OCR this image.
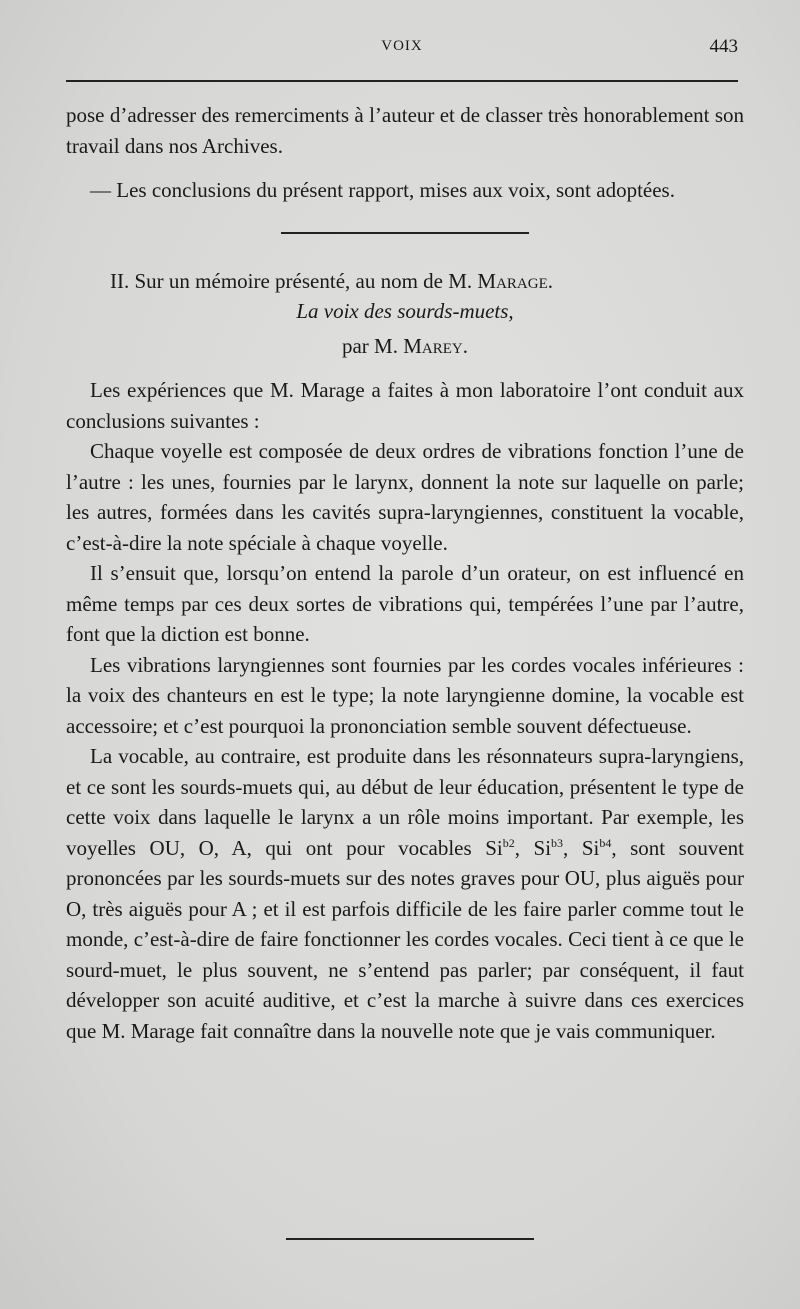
VOIX	443

pose d’adresser des remerciments à l’auteur et de classer très honorablement son travail dans nos Archives.

— Les conclusions du présent rapport, mises aux voix, sont adoptées.

II. Sur un mémoire présenté, au nom de M. Marage.

La voix des sourds-muets,

par M. Marey.

Les expériences que M. Marage a faites à mon laboratoire l’ont conduit aux conclusions suivantes :

Chaque voyelle est composée de deux ordres de vibrations fonction l’une de l’autre : les unes, fournies par le larynx, donnent la note sur laquelle on parle; les autres, formées dans les cavités supra-laryngiennes, constituent la vocable, c’est-à-dire la note spéciale à chaque voyelle.

Il s’ensuit que, lorsqu’on entend la parole d’un orateur, on est influencé en même temps par ces deux sortes de vibrations qui, tempérées l’une par l’autre, font que la diction est bonne.

Les vibrations laryngiennes sont fournies par les cordes vocales inférieures : la voix des chanteurs en est le type; la note laryngienne domine, la vocable est accessoire; et c’est pourquoi la prononciation semble souvent défectueuse.

La vocable, au contraire, est produite dans les résonnateurs supra-laryngiens, et ce sont les sourds-muets qui, au début de leur éducation, présentent le type de cette voix dans laquelle le larynx a un rôle moins important. Par exemple, les voyelles OU, O, A, qui ont pour vocables $Si^{b2}$, $Si^{b3}$, $Si^{b4}$, sont souvent prononcées par les sourds-muets sur des notes graves pour OU, plus aiguës pour O, très aiguës pour A ; et il est parfois difficile de les faire parler comme tout le monde, c’est-à-dire de faire fonctionner les cordes vocales. Ceci tient à ce que le sourd-muet, le plus souvent, ne s’entend pas parler; par conséquent, il faut développer son acuité auditive, et c’est la marche à suivre dans ces exercices que M. Marage fait connaître dans la nouvelle note que je vais communiquer.
